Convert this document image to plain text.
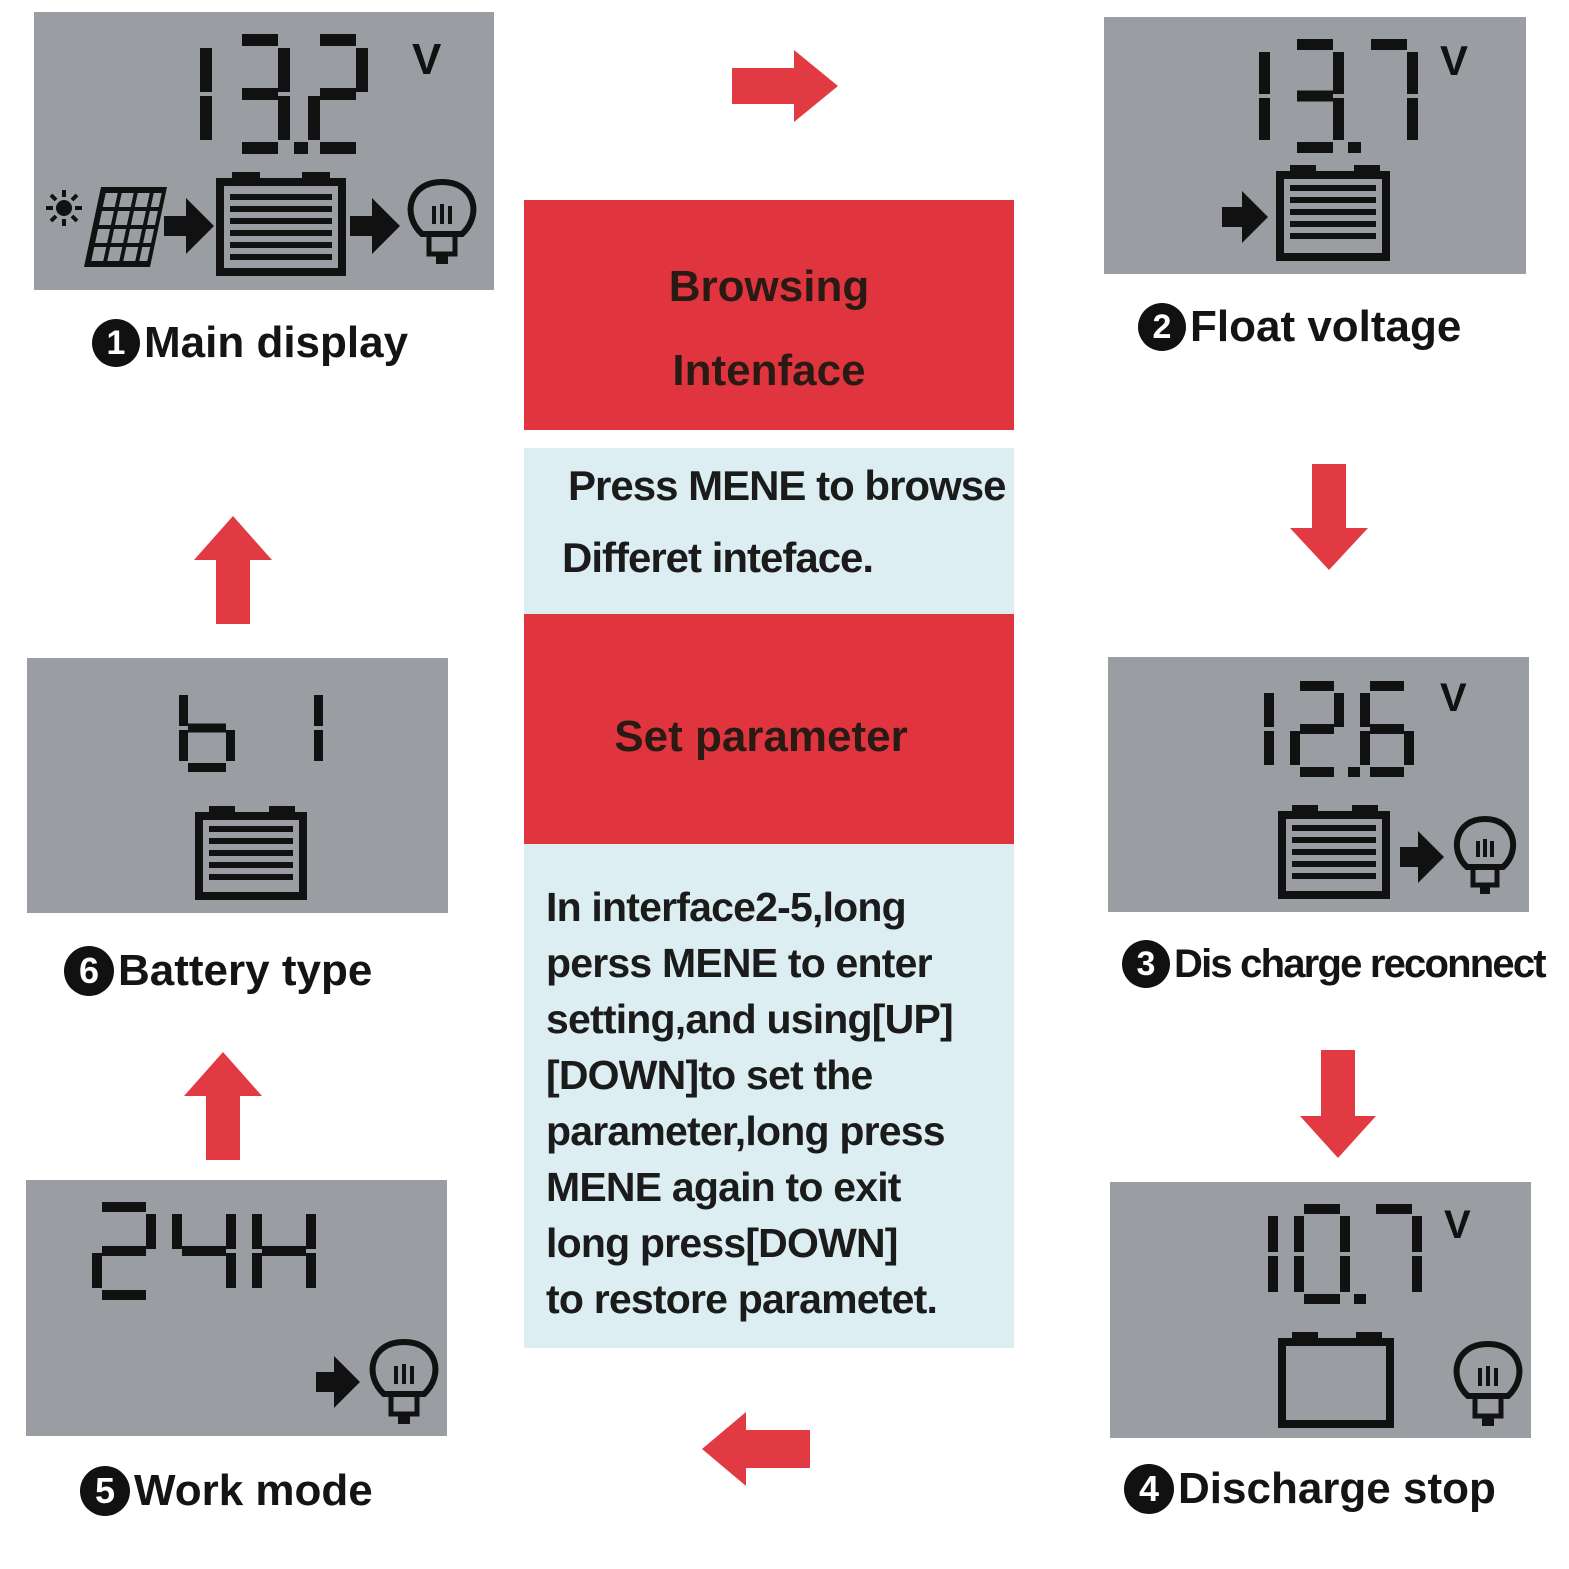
V	V
V
V
1 Main display	2 Float voltage
3 Dis charge reconnect
4 Discharge stop
5 Work mode
6 Battery type
Browsing
Intenface
Press MENE to browse
Differet inteface.
Set parameter
In interface2-5,long
perss MENE to enter
setting,and using[UP]
[DOWN]to set the
parameter,long press
MENE again to exit
long press[DOWN]
to restore parametet.
